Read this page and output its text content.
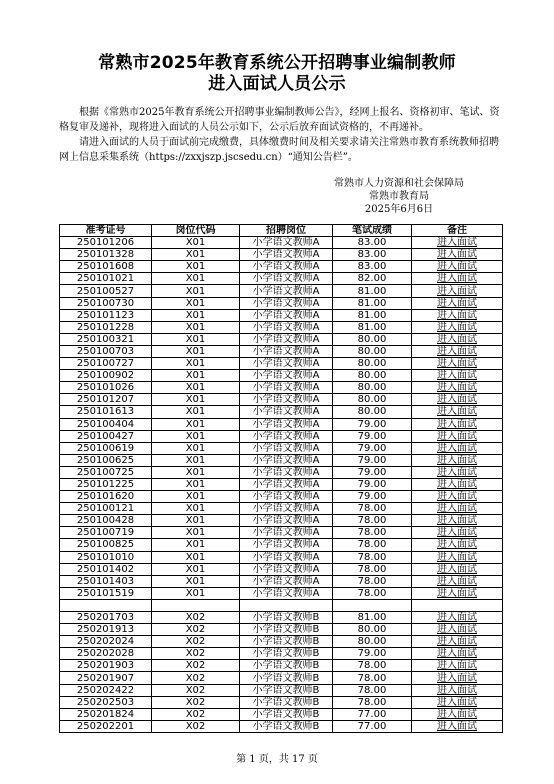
常熟市2025年教育系统公开招聘事业编制教师
进入面试人员公示

根据《常熟市2025年教育系统公开招聘事业编制教师公告》，经网上报名、资格初审、笔试、资格复审及递补，现将进入面试的人员公示如下，公示后放弃面试资格的，不再递补。

请进入面试的人员于面试前完成缴费，具体缴费时间及相关要求请关注常熟市教育系统教师招聘网上信息采集系统（https://zxxjszp.jscsedu.cn）“通知公告栏”。

常熟市人力资源和社会保障局
常熟市教育局
2025年6月6日
准考证号	岗位代码	招聘岗位	笔试成绩	备注
250101206	X01	小学语文教师A	83.00	进入面试
250101328	X01	小学语文教师A	83.00	进入面试
250101608	X01	小学语文教师A	83.00	进入面试
250101021	X01	小学语文教师A	82.00	进入面试
250100527	X01	小学语文教师A	81.00	进入面试
250100730	X01	小学语文教师A	81.00	进入面试
250101123	X01	小学语文教师A	81.00	进入面试
250101228	X01	小学语文教师A	81.00	进入面试
250100321	X01	小学语文教师A	80.00	进入面试
250100703	X01	小学语文教师A	80.00	进入面试
250100727	X01	小学语文教师A	80.00	进入面试
250100902	X01	小学语文教师A	80.00	进入面试
250101026	X01	小学语文教师A	80.00	进入面试
250101207	X01	小学语文教师A	80.00	进入面试
250101613	X01	小学语文教师A	80.00	进入面试
250100404	X01	小学语文教师A	79.00	进入面试
250100427	X01	小学语文教师A	79.00	进入面试
250100619	X01	小学语文教师A	79.00	进入面试
250100625	X01	小学语文教师A	79.00	进入面试
250100725	X01	小学语文教师A	79.00	进入面试
250101225	X01	小学语文教师A	79.00	进入面试
250101620	X01	小学语文教师A	79.00	进入面试
250100121	X01	小学语文教师A	78.00	进入面试
250100428	X01	小学语文教师A	78.00	进入面试
250100719	X01	小学语文教师A	78.00	进入面试
250100825	X01	小学语文教师A	78.00	进入面试
250101010	X01	小学语文教师A	78.00	进入面试
250101402	X01	小学语文教师A	78.00	进入面试
250101403	X01	小学语文教师A	78.00	进入面试
250101519	X01	小学语文教师A	78.00	进入面试

250201703	X02	小学语文教师B	81.00	进入面试
250201913	X02	小学语文教师B	80.00	进入面试
250202024	X02	小学语文教师B	80.00	进入面试
250202028	X02	小学语文教师B	79.00	进入面试
250201903	X02	小学语文教师B	78.00	进入面试
250201907	X02	小学语文教师B	78.00	进入面试
250202422	X02	小学语文教师B	78.00	进入面试
250202503	X02	小学语文教师B	78.00	进入面试
250201824	X02	小学语文教师B	77.00	进入面试
250202201	X02	小学语文教师B	77.00	进入面试
第 1 页，共 17 页
